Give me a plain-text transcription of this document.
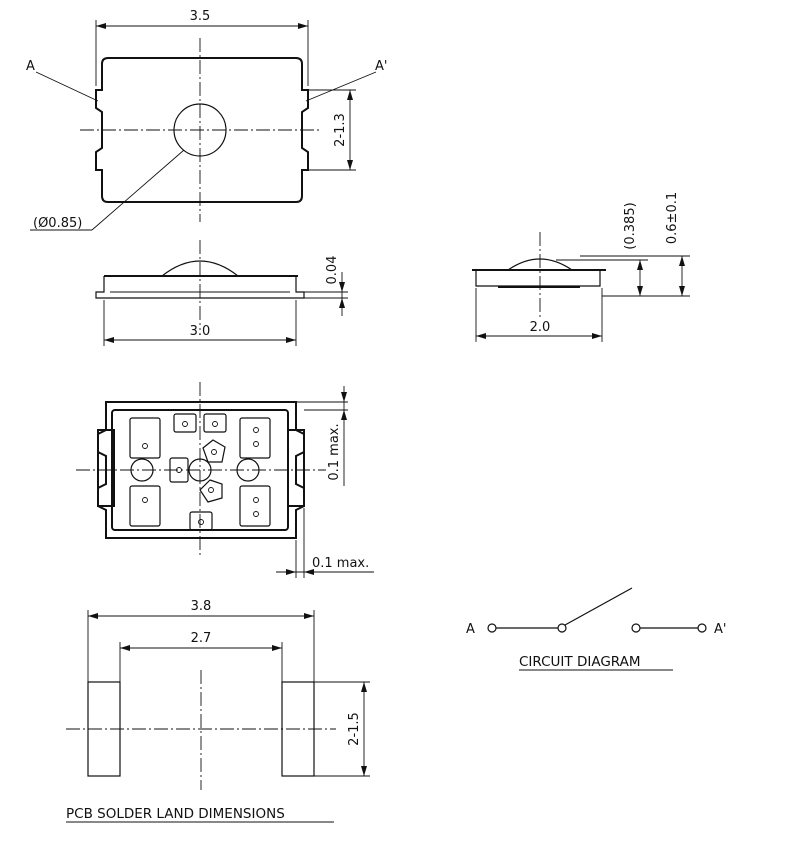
3.5
A	A'
2-1.3
(Ø0.85)
0.04
3.0
(0.385) 0.6±0.1
2.0
0.1 max.
0.1 max.
3.8
2.7
2-1.5
PCB SOLDER LAND DIMENSIONS
A	A'
CIRCUIT DIAGRAM
